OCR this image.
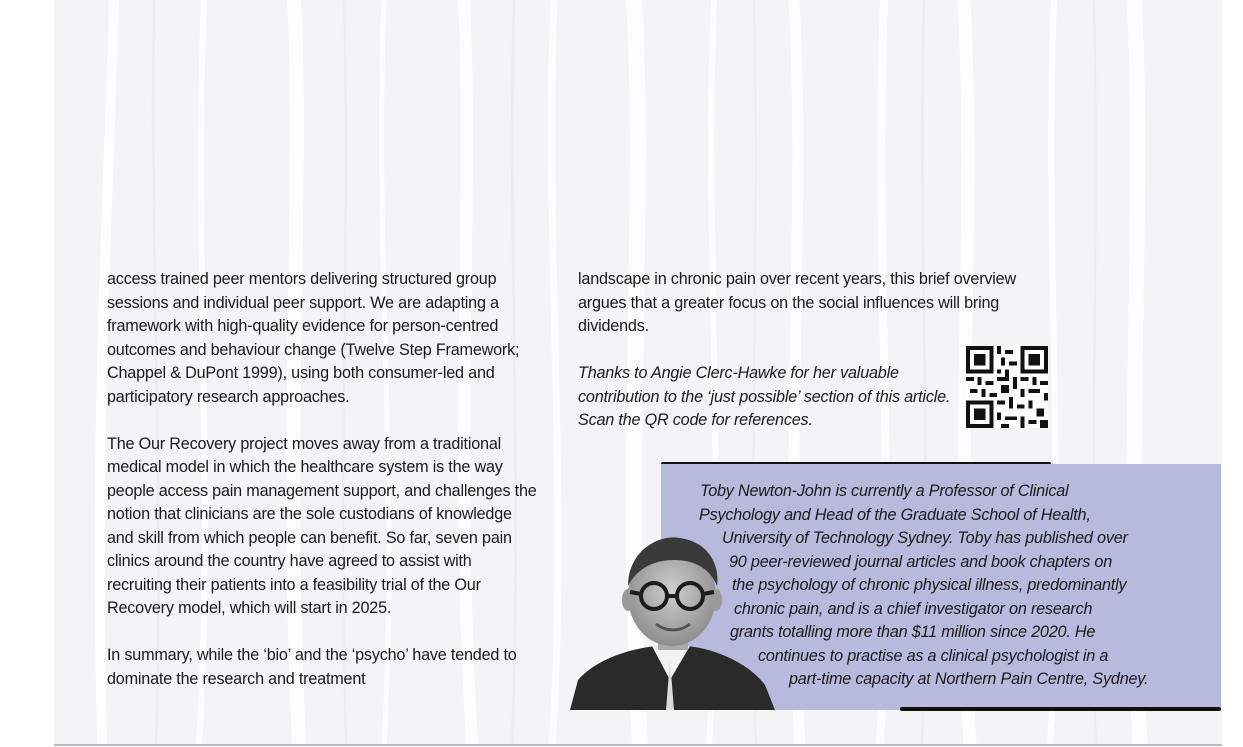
access trained peer mentors delivering structured group sessions and individual peer support. We are adapting a framework with high-quality evidence for person-centred outcomes and behaviour change (Twelve Step Framework; Chappel & DuPont 1999), using both consumer-led and participatory research approaches.

The Our Recovery project moves away from a traditional medical model in which the healthcare system is the way people access pain management support, and challenges the notion that clinicians are the sole custodians of knowledge and skill from which people can benefit. So far, seven pain clinics around the country have agreed to assist with recruiting their patients into a feasibility trial of the Our Recovery model, which will start in 2025.

In summary, while the ‘bio’ and the ‘psycho’ have tended to dominate the research and treatment

landscape in chronic pain over recent years, this brief overview argues that a greater focus on the social influences will bring dividends.

Thanks to Angie Clerc-Hawke for her valuable contribution to the ‘just possible’ section of this article. Scan the QR code for references.
Toby Newton-John is currently a Professor of Clinical
Psychology and Head of the Graduate School of Health,
University of Technology Sydney. Toby has published over
90 peer-reviewed journal articles and book chapters on
the psychology of chronic physical illness, predominantly
chronic pain, and is a chief investigator on research
grants totalling more than $11 million since 2020. He
continues to practise as a clinical psychologist in a
part-time capacity at Northern Pain Centre, Sydney.
